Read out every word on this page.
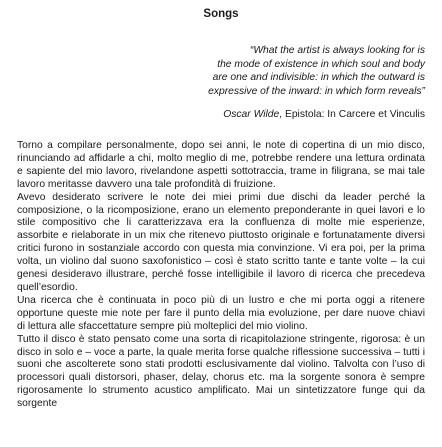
Songs
“What the artist is always looking for is
the mode of existence in which soul and body
are one and indivisible: in which the outward is
expressive of the inward: in which form reveals”
Oscar Wilde, Epistola: In Carcere et Vinculis

Torno a compilare personalmente, dopo sei anni, le note di copertina di un mio disco, rinunciando ad affidarle a chi, molto meglio di me, potrebbe rendere una lettura ordinata e sapiente del mio lavoro, rivelandone aspetti sottotraccia, trame in filigrana, se mai tale lavoro meritasse davvero una tale profondità di fruizione.

Avevo desiderato scrivere le note dei miei primi due dischi da leader perché la composizione, o la ricomposizione, erano un elemento preponderante in quei lavori e lo stile compositivo che li caratterizzava era la confluenza di molte mie esperienze, assorbite e rielaborate in un mix che ritenevo piuttosto originale e fortunatamente diversi critici furono in sostanziale accordo con questa mia convinzione. Vi era poi, per la prima volta, un violino dal suono saxofonistico – così è stato scritto tante e tante volte – la cui genesi desideravo illustrare, perché fosse intelligibile il lavoro di ricerca che precedeva quell’esordio.

Una ricerca che è continuata in poco più di un lustro e che mi porta oggi a ritenere opportune queste mie note per fare il punto della mia evoluzione, per dare nuove chiavi di lettura alle sfaccettature sempre più molteplici del mio violino.

Tutto il disco è stato pensato come una sorta di ricapitolazione stringente, rigorosa: è un disco in solo e – voce a parte, la quale merita forse qualche riflessione successiva – tutti i suoni che ascolterete sono stati prodotti esclusivamente dal violino. Talvolta con l’uso di processori quali distorsori, phaser, delay, chorus etc. ma la sorgente sonora è sempre rigorosamente lo strumento acustico amplificato. Mai un sintetizzatore funge qui da sorgente
